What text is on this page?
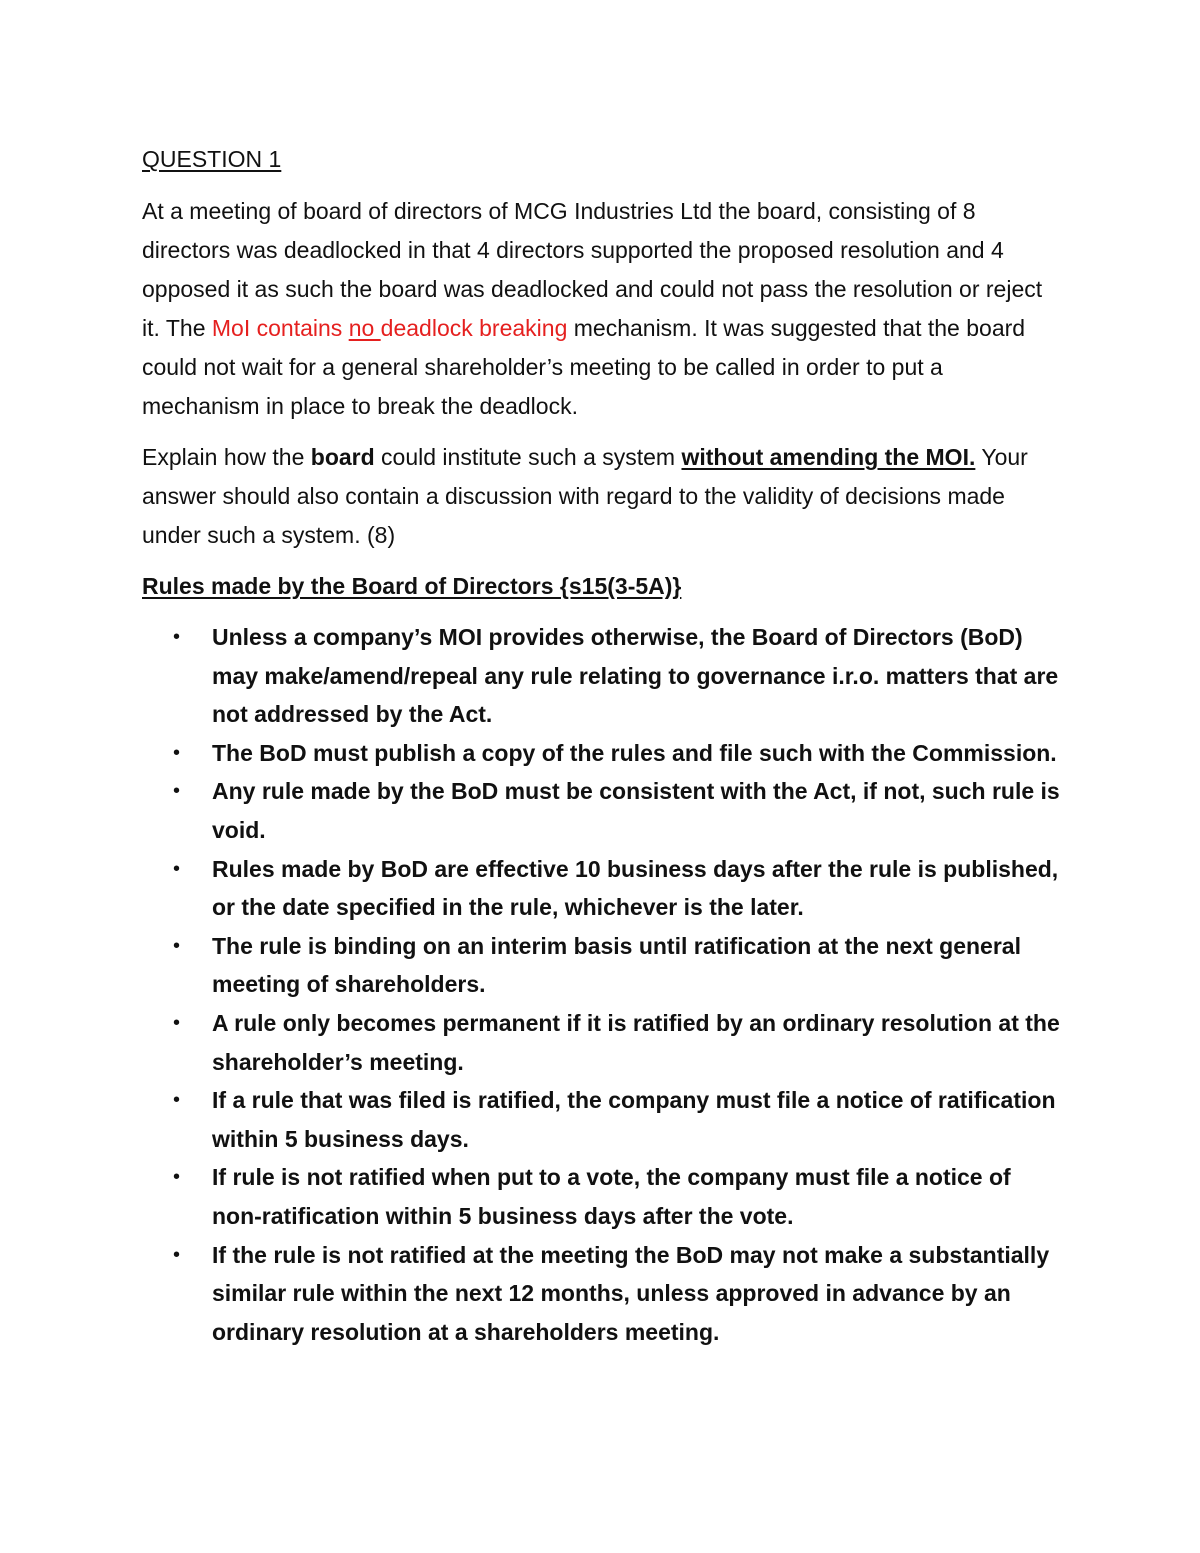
QUESTION 1

At a meeting of board of directors of MCG Industries Ltd the board, consisting of 8 directors was deadlocked in that 4 directors supported the proposed resolution and 4 opposed it as such the board was deadlocked and could not pass the resolution or reject it. The MoI contains no deadlock breaking mechanism. It was suggested that the board could not wait for a general shareholder’s meeting to be called in order to put a mechanism in place to break the deadlock.

Explain how the board could institute such a system without amending the MOI. Your answer should also contain a discussion with regard to the validity of decisions made under such a system. (8)

Rules made by the Board of Directors {s15(3-5A)}
• Unless a company’s MOI provides otherwise, the Board of Directors (BoD) may make/amend/repeal any rule relating to governance i.r.o. matters that are not addressed by the Act.
• The BoD must publish a copy of the rules and file such with the Commission.
• Any rule made by the BoD must be consistent with the Act, if not, such rule is void.
• Rules made by BoD are effective 10 business days after the rule is published, or the date specified in the rule, whichever is the later.
• The rule is binding on an interim basis until ratification at the next general meeting of shareholders.
• A rule only becomes permanent if it is ratified by an ordinary resolution at the shareholder’s meeting.
• If a rule that was filed is ratified, the company must file a notice of ratification within 5 business days.
• If rule is not ratified when put to a vote, the company must file a notice of non-ratification within 5 business days after the vote.
• If the rule is not ratified at the meeting the BoD may not make a substantially similar rule within the next 12 months, unless approved in advance by an ordinary resolution at a shareholders meeting.
